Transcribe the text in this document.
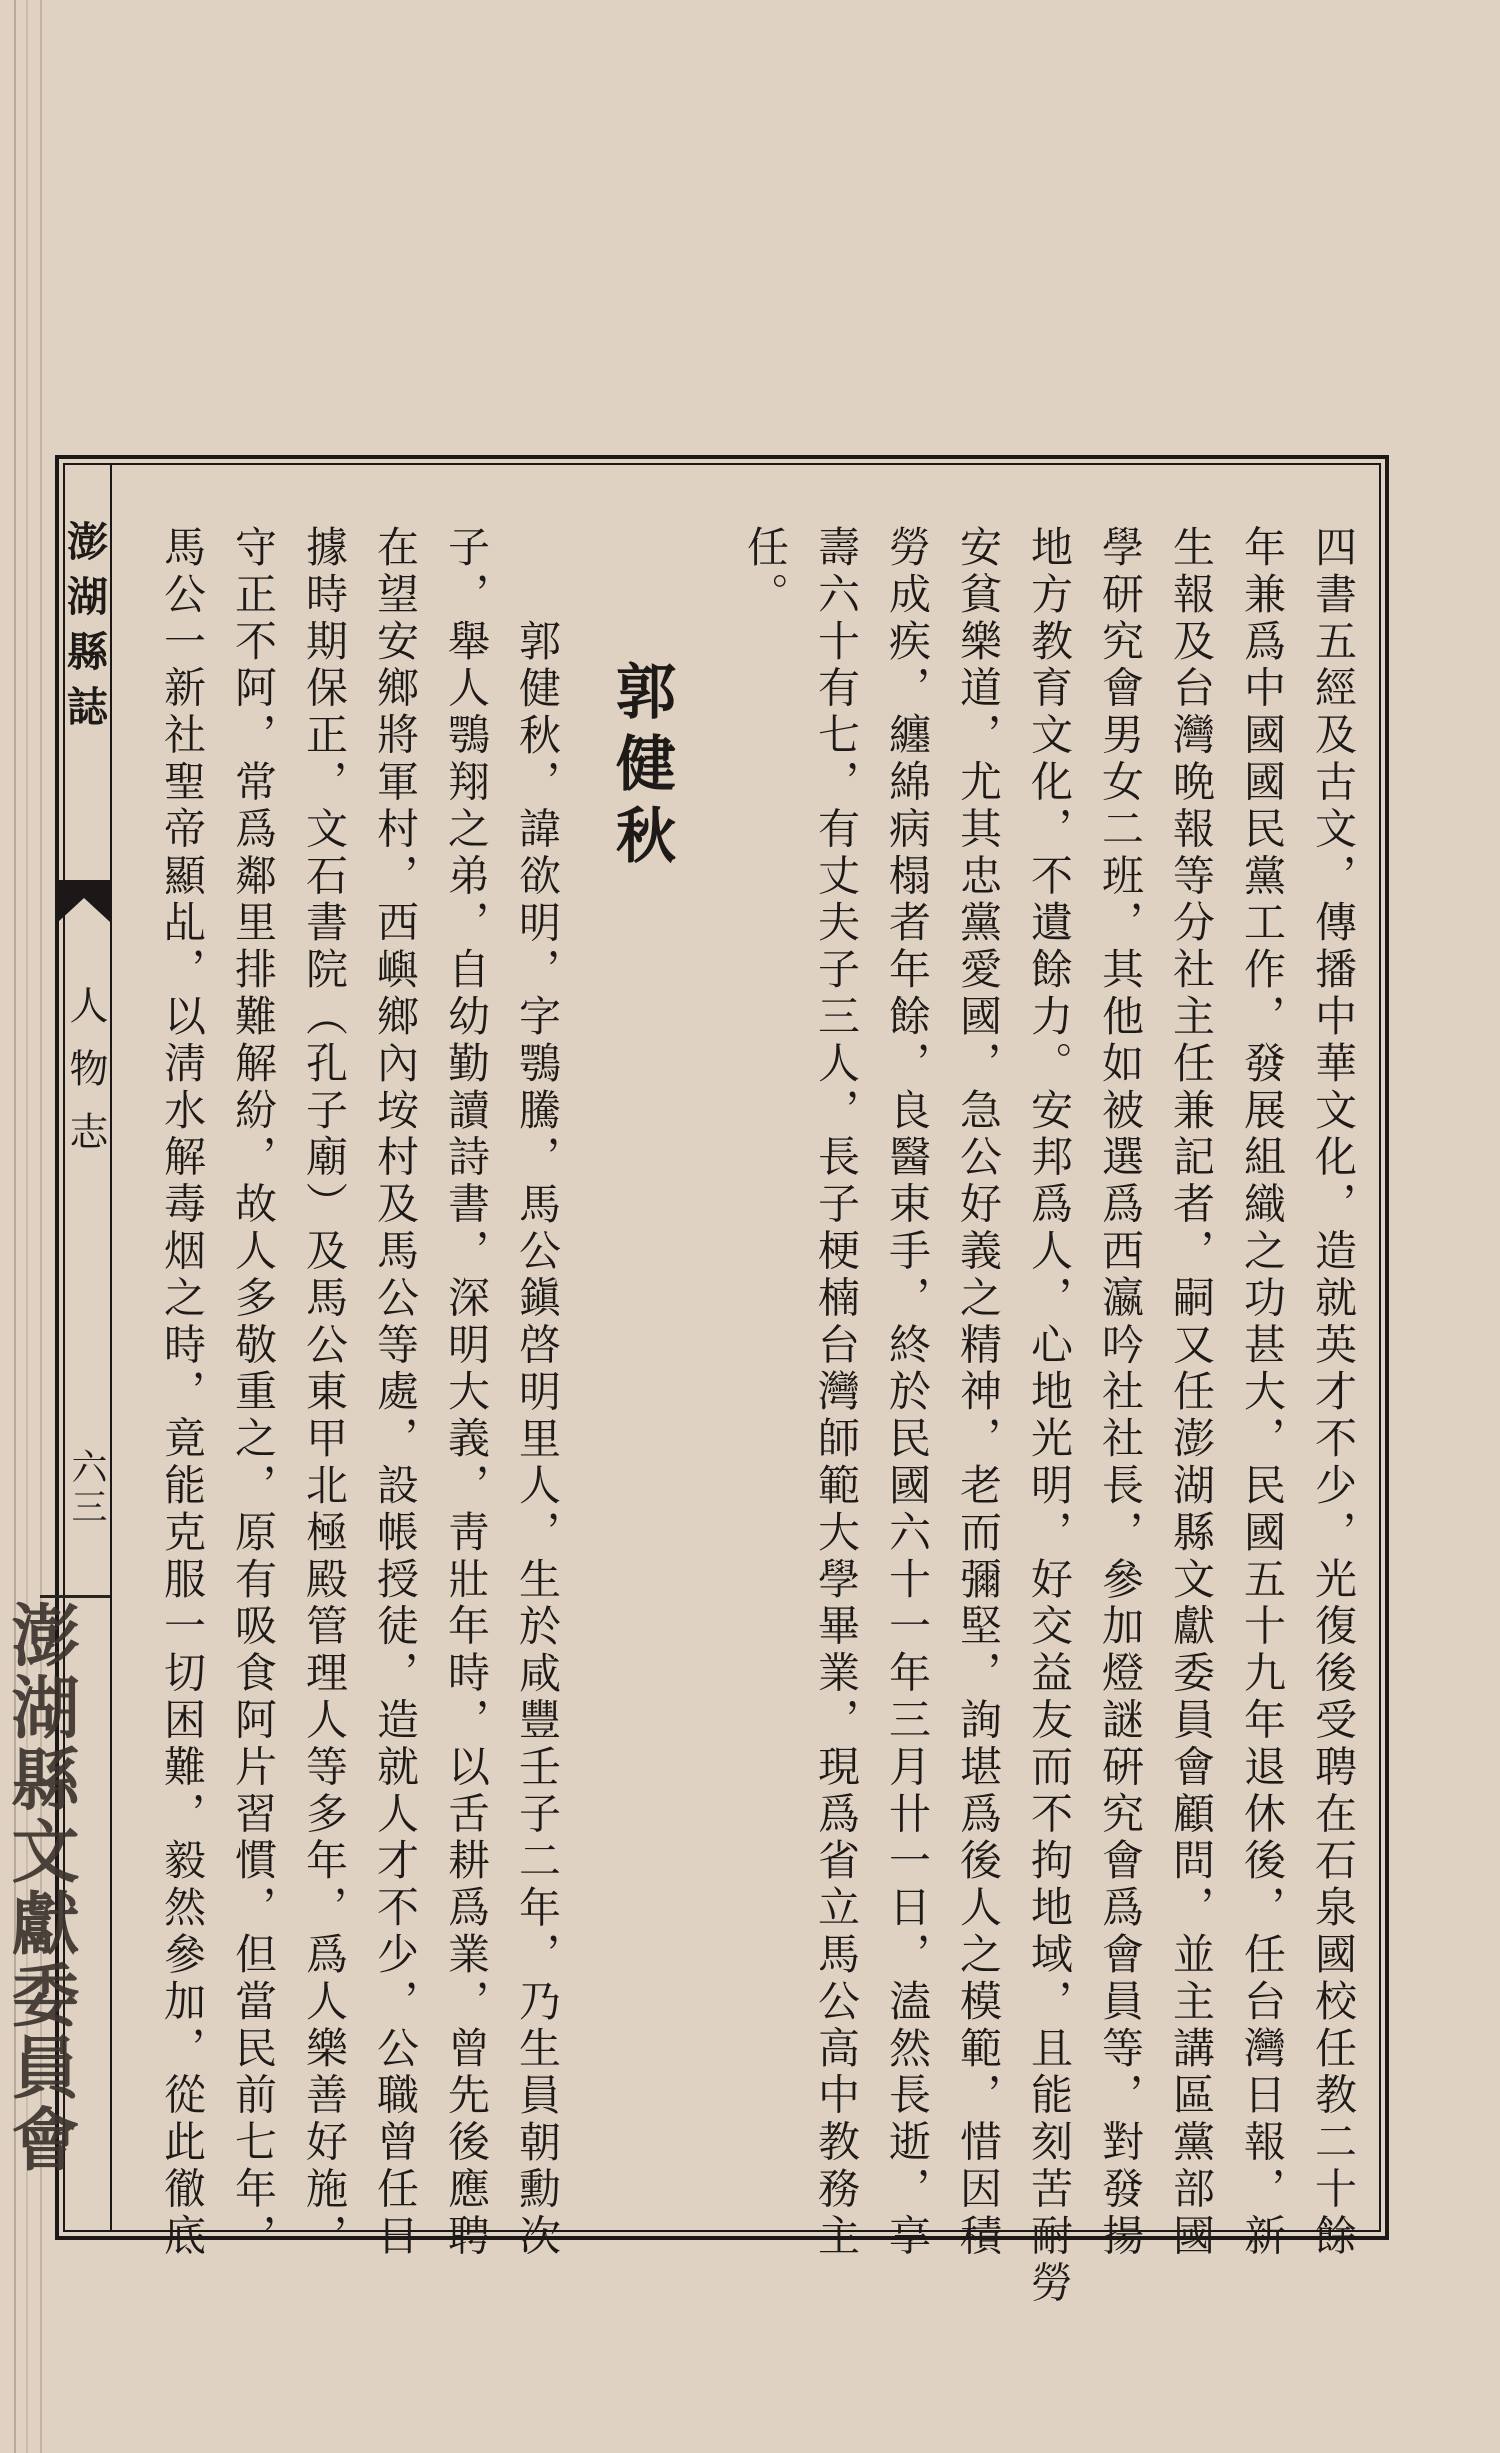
澎湖縣誌
人物志
六三
澎湖縣文獻委員會	四書五經及古文，傳播中華文化，造就英才不少，光復後受聘在石泉國校任教二十餘
年兼爲中國國民黨工作，發展組織之功甚大，民國五十九年退休後，任台灣日報，新
生報及台灣晩報等分社主任兼記者，嗣又任澎湖縣文獻委員會顧問，並主講區黨部國
學研究會男女二班，其他如被選爲西瀛吟社社長，參加燈謎硏究會爲會員等，對發揚
地方教育文化，不遺餘力。安邦爲人，心地光明，好交益友而不拘地域，且能刻苦耐勞
安貧樂道，尤其忠黨愛國，急公好義之精神，老而彌堅，詢堪爲後人之模範，惜因積
勞成疾，纏綿病榻者年餘，良醫束手，終於民國六十一年三月卄一日，溘然長逝，享
壽六十有七，有丈夫子三人，長子梗楠台灣師範大學畢業，現爲省立馬公高中教務主
任。
郭健秋
郭健秋，諱欲明，字鶚騰，馬公鎭啓明里人，生於咸豐壬子二年，乃生員朝勳次
子，舉人鶚翔之弟，自幼勤讀詩書，深明大義，靑壯年時，以舌耕爲業，曾先後應聘
在望安鄉將軍村，西嶼鄉內垵村及馬公等處，設帳授徒，造就人才不少，公職曾任日
據時期保正，文石書院（孔子廟）及馬公東甲北極殿管理人等多年，爲人樂善好施，
守正不阿，常爲鄰里排難解紛，故人多敬重之，原有吸食阿片習慣，但當民前七年，
馬公一新社聖帝顯乩，以淸水解毒烟之時，竟能克服一切困難，毅然參加，從此徹底
